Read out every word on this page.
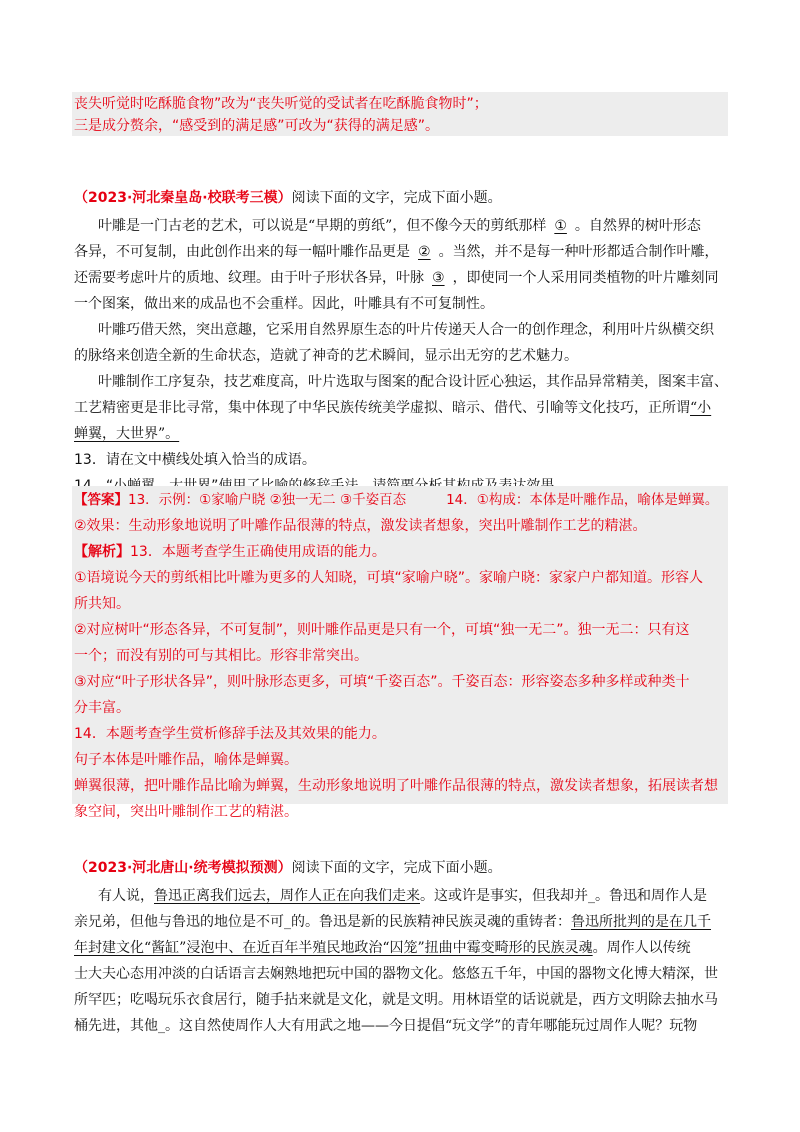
丧失听觉时吃酥脆食物”改为“丧失听觉的受试者在吃酥脆食物时”；
三是成分赘余，“感受到的满足感”可改为“获得的满足感”。
（2023·河北秦皇岛·校联考三模）阅读下面的文字，完成下面小题。
叶雕是一门古老的艺术，可以说是“早期的剪纸”，但不像今天的剪纸那样 ① 。自然界的树叶形态
各异，不可复制，由此创作出来的每一幅叶雕作品更是 ② 。当然，并不是每一种叶形都适合制作叶雕，
还需要考虑叶片的质地、纹理。由于叶子形状各异，叶脉 ③ ，即使同一个人采用同类植物的叶片雕刻同
一个图案，做出来的成品也不会重样。因此，叶雕具有不可复制性。
叶雕巧借天然，突出意趣，它采用自然界原生态的叶片传递天人合一的创作理念，利用叶片纵横交织
的脉络来创造全新的生命状态，造就了神奇的艺术瞬间，显示出无穷的艺术魅力。
叶雕制作工序复杂，技艺难度高，叶片选取与图案的配合设计匠心独运，其作品异常精美，图案丰富、
工艺精密更是非比寻常，集中体现了中华民族传统美学虚拟、暗示、借代、引喻等文化技巧，正所谓“小
蝉翼，大世界”。
13．请在文中横线处填入恰当的成语。
【答案】13．示例：①家喻户晓 ②独一无二 ③千姿百态	14．①构成：本体是叶雕作品，喻体是蝉翼。
②效果：生动形象地说明了叶雕作品很薄的特点，激发读者想象，突出叶雕制作工艺的精湛。
【解析】13．本题考查学生正确使用成语的能力。
①语境说今天的剪纸相比叶雕为更多的人知晓，可填“家喻户晓”。家喻户晓：家家户户都知道。形容人
所共知。
②对应树叶“形态各异，不可复制”，则叶雕作品更是只有一个，可填“独一无二”。独一无二：只有这
一个；而没有别的可与其相比。形容非常突出。
③对应“叶子形状各异”，则叶脉形态更多，可填“千姿百态”。千姿百态：形容姿态多种多样或种类十
分丰富。
14．本题考查学生赏析修辞手法及其效果的能力。
句子本体是叶雕作品，喻体是蝉翼。
蝉翼很薄，把叶雕作品比喻为蝉翼，生动形象地说明了叶雕作品很薄的特点，激发读者想象，拓展读者想
象空间，突出叶雕制作工艺的精湛。
（2023·河北唐山·统考模拟预测）阅读下面的文字，完成下面小题。
有人说，鲁迅正离我们远去，周作人正在向我们走来。这或许是事实，但我却并_。鲁迅和周作人是
亲兄弟，但他与鲁迅的地位是不可_的。鲁迅是新的民族精神民族灵魂的重铸者：鲁迅所批判的是在几千
年封建文化“酱缸”浸泡中、在近百年半殖民地政治“囚笼”扭曲中霉变畸形的民族灵魂。周作人以传统
士大夫心态用冲淡的白话语言去娴熟地把玩中国的器物文化。悠悠五千年，中国的器物文化博大精深，世
所罕匹；吃喝玩乐衣食居行，随手拈来就是文化，就是文明。用林语堂的话说就是，西方文明除去抽水马
桶先进，其他_。这自然使周作人大有用武之地——今日提倡“玩文学”的青年哪能玩过周作人呢？玩物
